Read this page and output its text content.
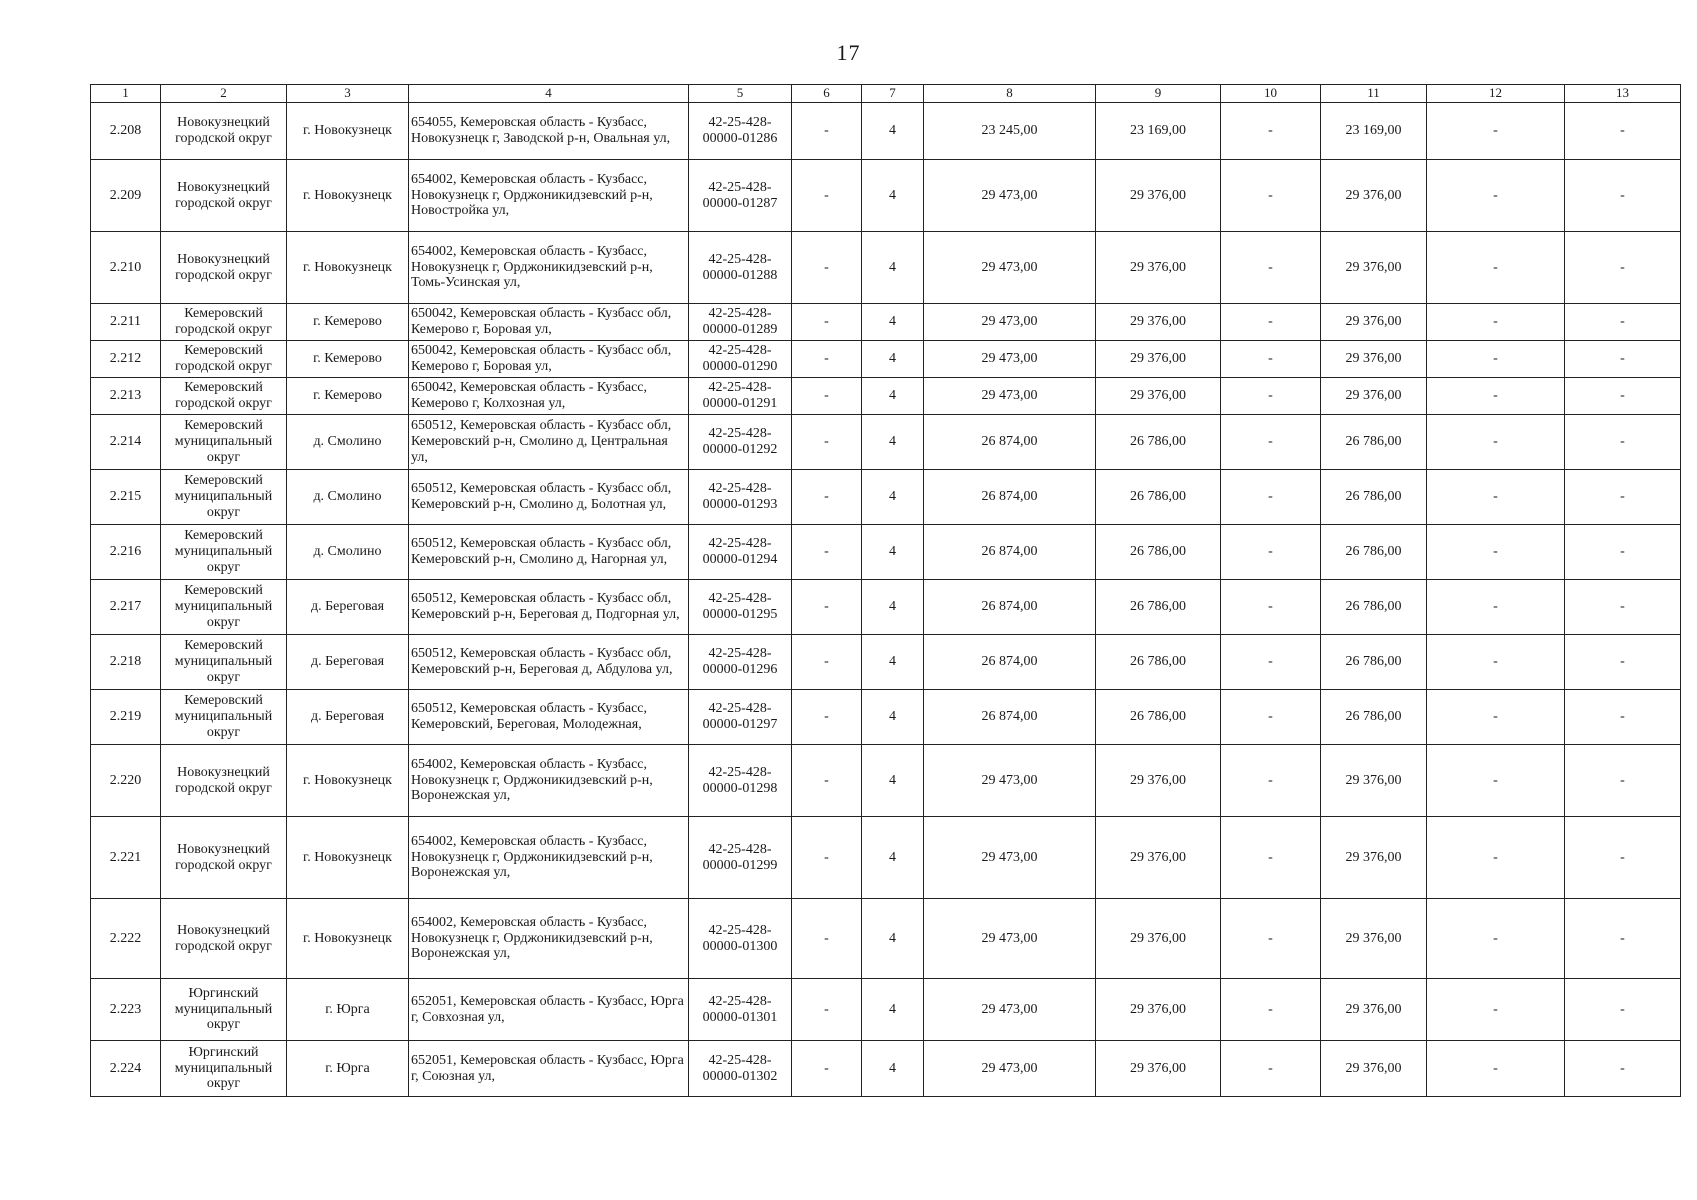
17
1	2	3	4	5	6	7	8	9	10	11	12	13
2.208	Новокузнецкий городской округ	г. Новокузнецк	654055, Кемеровская область - Кузбасс, Новокузнецк г, Заводской р-н, Овальная ул,	42-25-428-00000-01286	-	4	23 245,00	23 169,00	-	23 169,00	-	-
2.209	Новокузнецкий городской округ	г. Новокузнецк	654002, Кемеровская область - Кузбасс, Новокузнецк г, Орджоникидзевский р-н, Новостройка ул,	42-25-428-00000-01287	-	4	29 473,00	29 376,00	-	29 376,00	-	-
2.210	Новокузнецкий городской округ	г. Новокузнецк	654002, Кемеровская область - Кузбасс, Новокузнецк г, Орджоникидзевский р-н, Томь-Усинская ул,	42-25-428-00000-01288	-	4	29 473,00	29 376,00	-	29 376,00	-	-
2.211	Кемеровский городской округ	г. Кемерово	650042, Кемеровская область - Кузбасс обл, Кемерово г, Боровая ул,	42-25-428-00000-01289	-	4	29 473,00	29 376,00	-	29 376,00	-	-
2.212	Кемеровский городской округ	г. Кемерово	650042, Кемеровская область - Кузбасс обл, Кемерово г, Боровая ул,	42-25-428-00000-01290	-	4	29 473,00	29 376,00	-	29 376,00	-	-
2.213	Кемеровский городской округ	г. Кемерово	650042, Кемеровская область - Кузбасс, Кемерово г, Колхозная ул,	42-25-428-00000-01291	-	4	29 473,00	29 376,00	-	29 376,00	-	-
2.214	Кемеровский муниципальный округ	д. Смолино	650512, Кемеровская область - Кузбасс обл, Кемеровский р-н, Смолино д, Центральная ул,	42-25-428-00000-01292	-	4	26 874,00	26 786,00	-	26 786,00	-	-
2.215	Кемеровский муниципальный округ	д. Смолино	650512, Кемеровская область - Кузбасс обл, Кемеровский р-н, Смолино д, Болотная ул,	42-25-428-00000-01293	-	4	26 874,00	26 786,00	-	26 786,00	-	-
2.216	Кемеровский муниципальный округ	д. Смолино	650512, Кемеровская область - Кузбасс обл, Кемеровский р-н, Смолино д, Нагорная ул,	42-25-428-00000-01294	-	4	26 874,00	26 786,00	-	26 786,00	-	-
2.217	Кемеровский муниципальный округ	д. Береговая	650512, Кемеровская область - Кузбасс обл, Кемеровский р-н, Береговая д, Подгорная ул,	42-25-428-00000-01295	-	4	26 874,00	26 786,00	-	26 786,00	-	-
2.218	Кемеровский муниципальный округ	д. Береговая	650512, Кемеровская область - Кузбасс обл, Кемеровский р-н, Береговая д, Абдулова ул,	42-25-428-00000-01296	-	4	26 874,00	26 786,00	-	26 786,00	-	-
2.219	Кемеровский муниципальный округ	д. Береговая	650512, Кемеровская область - Кузбасс, Кемеровский, Береговая, Молодежная,	42-25-428-00000-01297	-	4	26 874,00	26 786,00	-	26 786,00	-	-
2.220	Новокузнецкий городской округ	г. Новокузнецк	654002, Кемеровская область - Кузбасс, Новокузнецк г, Орджоникидзевский р-н, Воронежская ул,	42-25-428-00000-01298	-	4	29 473,00	29 376,00	-	29 376,00	-	-
2.221	Новокузнецкий городской округ	г. Новокузнецк	654002, Кемеровская область - Кузбасс, Новокузнецк г, Орджоникидзевский р-н, Воронежская ул,	42-25-428-00000-01299	-	4	29 473,00	29 376,00	-	29 376,00	-	-
2.222	Новокузнецкий городской округ	г. Новокузнецк	654002, Кемеровская область - Кузбасс, Новокузнецк г, Орджоникидзевский р-н, Воронежская ул,	42-25-428-00000-01300	-	4	29 473,00	29 376,00	-	29 376,00	-	-
2.223	Юргинский муниципальный округ	г. Юрга	652051, Кемеровская область - Кузбасс, Юрга г, Совхозная ул,	42-25-428-00000-01301	-	4	29 473,00	29 376,00	-	29 376,00	-	-
2.224	Юргинский муниципальный округ	г. Юрга	652051, Кемеровская область - Кузбасс, Юрга г, Союзная ул,	42-25-428-00000-01302	-	4	29 473,00	29 376,00	-	29 376,00	-	-
